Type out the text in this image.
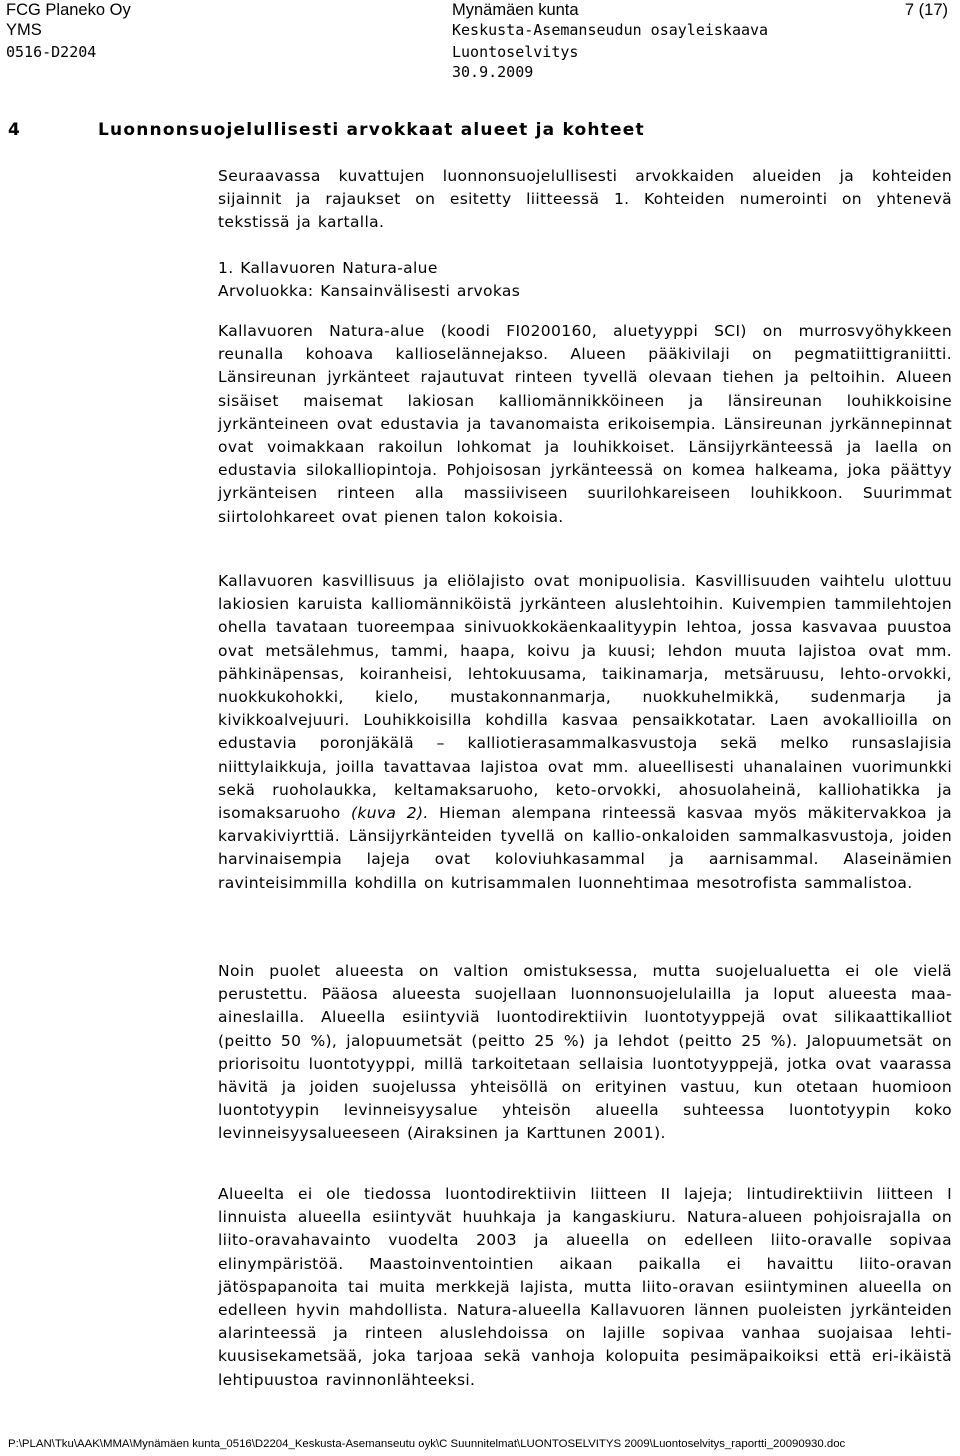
FCG Planeko Oy
YMS
0516-D2204
Mynämäen kunta
Keskusta-Asemanseudun osayleiskaava
Luontoselvitys
30.9.2009
7 (17)
4	Luonnonsuojelullisesti arvokkaat alueet ja kohteet

Seuraavassa kuvattujen luonnonsuojelullisesti arvokkaiden alueiden ja kohteiden sijainnit ja rajaukset on esitetty liitteessä 1. Kohteiden numerointi on yhtenevä tekstissä ja kartalla.

1. Kallavuoren Natura-alue
Arvoluokka: Kansainvälisesti arvokas

Kallavuoren Natura-alue (koodi FI0200160, aluetyyppi SCI) on murrosvyöhykkeen reunalla kohoava kallioselännejakso. Alueen pääkivilaji on pegmatiittigraniitti. Länsireunan jyrkänteet rajautuvat rinteen tyvellä olevaan tiehen ja peltoihin. Alueen sisäiset maisemat lakiosan kalliomännikköineen ja länsireunan louhikkoisine jyrkänteineen ovat edustavia ja tavanomaista erikoisempia. Länsireunan jyrkännepinnat ovat voimakkaan rakoilun lohkomat ja louhikkoiset. Länsijyrkänteessä ja laella on edustavia silokalliopintoja. Pohjoisosan jyrkänteessä on komea halkeama, joka päättyy jyrkänteisen rinteen alla massiiviseen suurilohkareiseen louhikkoon. Suurimmat siirtolohkareet ovat pienen talon kokoisia.

Kallavuoren kasvillisuus ja eliölajisto ovat monipuolisia. Kasvillisuuden vaihtelu ulottuu lakiosien karuista kalliomänniköistä jyrkänteen aluslehtoihin. Kuivempien tammilehtojen ohella tavataan tuoreempaa sinivuokkokäenkaalityypin lehtoa, jossa kasvavaa puustoa ovat metsälehmus, tammi, haapa, koivu ja kuusi; lehdon muuta lajistoa ovat mm. pähkinäpensas, koiranheisi, lehtokuusama, taikinamarja, metsäruusu, lehto-orvokki, nuokkukohokki, kielo, mustakonnanmarja, nuokkuhelmikkä, sudenmarja ja kivikkoalvejuuri. Louhikkoisilla kohdilla kasvaa pensaikkotatar. Laen avokallioilla on edustavia poronjäkälä – kalliotierasammalkasvustoja sekä melko runsaslajisia niittylaikkuja, joilla tavattavaa lajistoa ovat mm. alueellisesti uhanalainen vuorimunkki sekä ruoholaukka, keltamaksaruoho, keto-orvokki, ahosuolaheinä, kalliohatikka ja isomaksaruoho (kuva 2). Hieman alempana rinteessä kasvaa myös mäkitervakkoa ja karvakiviyrttiä. Länsijyrkänteiden tyvellä on kallio-onkaloiden sammalkasvustoja, joiden harvinaisempia lajeja ovat koloviuhkasammal ja aarnisammal. Alaseinämien ravinteisimmilla kohdilla on kutrisammalen luonnehtimaa mesotrofista sammalistoa.

Noin puolet alueesta on valtion omistuksessa, mutta suojelualuetta ei ole vielä perustettu. Pääosa alueesta suojellaan luonnonsuojelulailla ja loput alueesta maa-aineslailla. Alueella esiintyviä luontodirektiivin luontotyyppejä ovat silikaattikalliot (peitto 50 %), jalopuumetsät (peitto 25 %) ja lehdot (peitto 25 %). Jalopuumetsät on priorisoitu luontotyyppi, millä tarkoitetaan sellaisia luontotyyppejä, jotka ovat vaarassa hävitä ja joiden suojelussa yhteisöllä on erityinen vastuu, kun otetaan huomioon luontotyypin levinneisyysalue yhteisön alueella suhteessa luontotyypin koko levinneisyysalueeseen (Airaksinen ja Karttunen 2001).

Alueelta ei ole tiedossa luontodirektiivin liitteen II lajeja; lintudirektiivin liitteen I linnuista alueella esiintyvät huuhkaja ja kangaskiuru. Natura-alueen pohjoisrajalla on liito-oravahavainto vuodelta 2003 ja alueella on edelleen liito-oravalle sopivaa elinympäristöä. Maastoinventointien aikaan paikalla ei havaittu liito-oravan jätöspapanoita tai muita merkkejä lajista, mutta liito-oravan esiintyminen alueella on edelleen hyvin mahdollista. Natura-alueella Kallavuoren lännen puoleisten jyrkänteiden alarinteessä ja rinteen aluslehdoissa on lajille sopivaa vanhaa suojaisaa lehti-kuusisekametsää, joka tarjoaa sekä vanhoja kolopuita pesimäpaikoiksi että eri-ikäistä lehtipuustoa ravinnonlähteeksi.

P:\PLAN\Tku\AAK\MMA\Mynämäen kunta_0516\D2204_Keskusta-Asemanseutu oyk\C Suunnitelmat\LUONTOSELVITYS 2009\Luontoselvitys_raportti_20090930.doc
